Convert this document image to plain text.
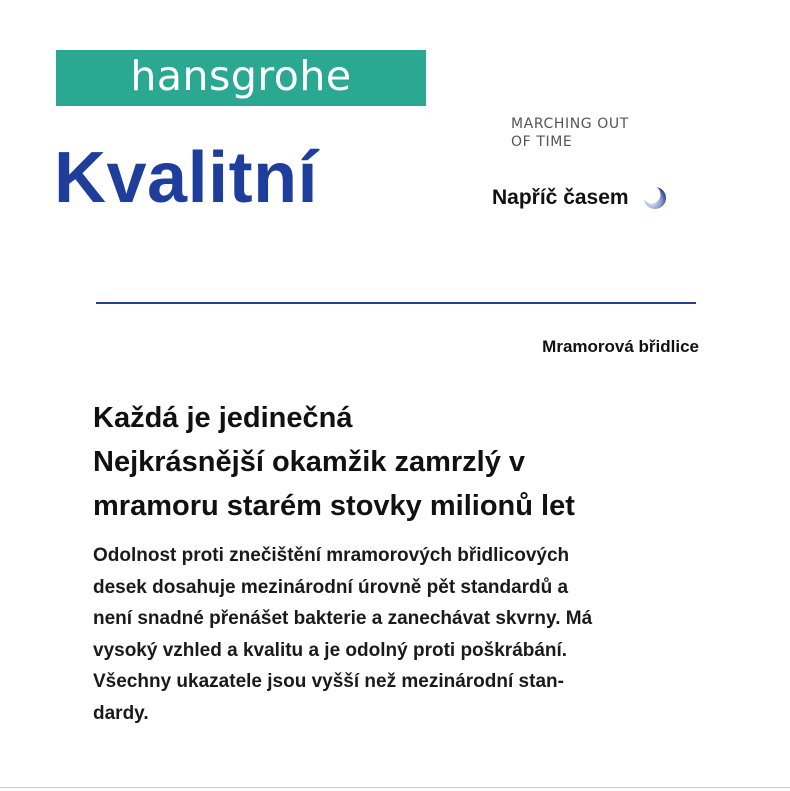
hansgrohe
Kvalitní
MARCHING OUT
OF TIME
Napříč časem
Mramorová břidlice
Každá je jedinečná
Nejkrásnější okamžik zamrzlý v
mramoru starém stovky milionů let
Odolnost proti znečištění mramorových břidlicových
desek dosahuje mezinárodní úrovně pět standardů a
není snadné přenášet bakterie a zanechávat skvrny. Má
vysoký vzhled a kvalitu a je odolný proti poškrábání.
Všechny ukazatele jsou vyšší než mezinárodní stan-
dardy.
